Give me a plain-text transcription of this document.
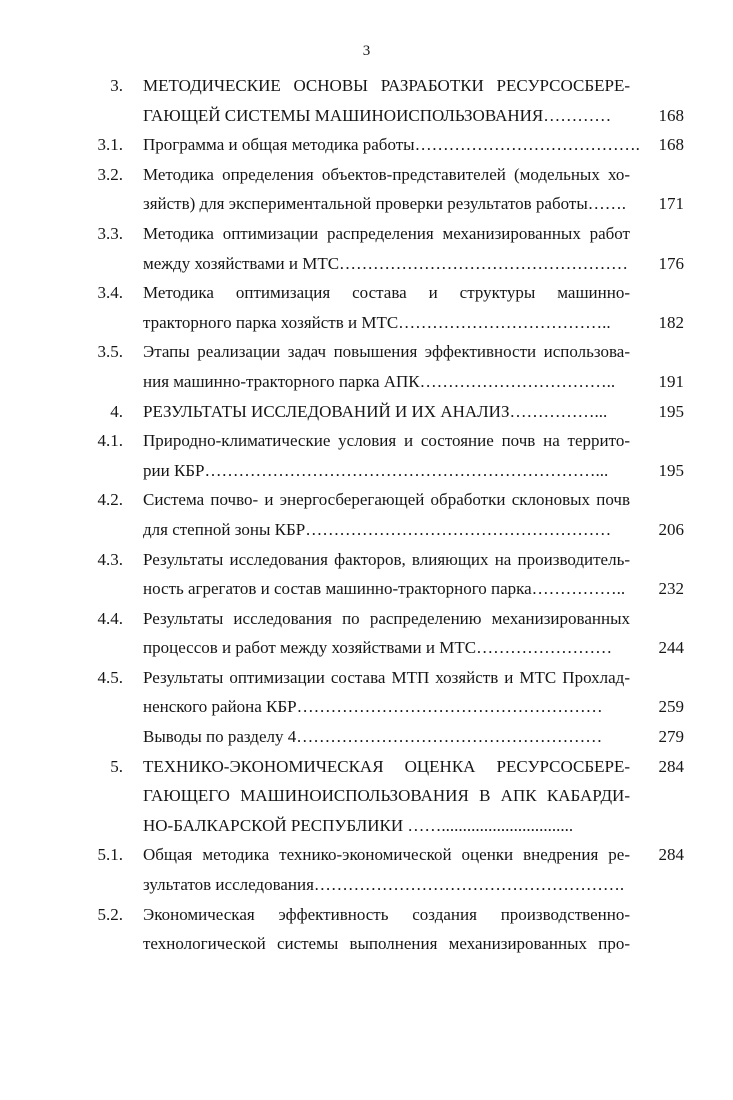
3
3. МЕТОДИЧЕСКИЕ ОСНОВЫ РАЗРАБОТКИ РЕСУРСОСБЕРЕ-
ГАЮЩЕЙ СИСТЕМЫ МАШИНОИСПОЛЬЗОВАНИЯ…………	168
3.1. Программа и общая методика работы………………………………….	168
3.2. Методика определения объектов-представителей (модельных хо-
зяйств) для экспериментальной проверки результатов работы…….	171
3.3. Методика оптимизации распределения механизированных работ
между хозяйствами и МТС……………………………………………	176
3.4. Методика оптимизация состава и структуры машинно-
тракторного парка хозяйств и МТС………………………………..	182
3.5. Этапы реализации задач повышения эффективности использова-
ния машинно-тракторного парка АПК……………………………..	191
4. РЕЗУЛЬТАТЫ ИССЛЕДОВАНИЙ И ИХ АНАЛИЗ……………...	195
4.1. Природно-климатические условия и состояние почв на террито-
рии КБР……………………………………………………………...	195
4.2. Система почво- и энергосберегающей обработки склоновых почв
для степной зоны КБР………………………………………………	206
4.3. Результаты исследования факторов, влияющих на производитель-
ность агрегатов и состав машинно-тракторного парка……………..	232
4.4. Результаты исследования по распределению механизированных
процессов и работ между хозяйствами и МТС……………………	244
4.5. Результаты оптимизации состава МТП хозяйств и МТС Прохлад-
ненского района КБР………………………………………………	259
Выводы по разделу 4………………………………………………	279
5. ТЕХНИКО-ЭКОНОМИЧЕСКАЯ ОЦЕНКА РЕСУРСОСБЕРЕ-	284
ГАЮЩЕГО МАШИНОИСПОЛЬЗОВАНИЯ В АПК КАБАРДИ-
НО-БАЛКАРСКОЙ РЕСПУБЛИКИ ……...............................
5.1. Общая методика технико-экономической оценки внедрения ре-	284
зультатов исследования……………………………………………….
5.2. Экономическая эффективность создания производственно-
технологической системы выполнения механизированных про-
